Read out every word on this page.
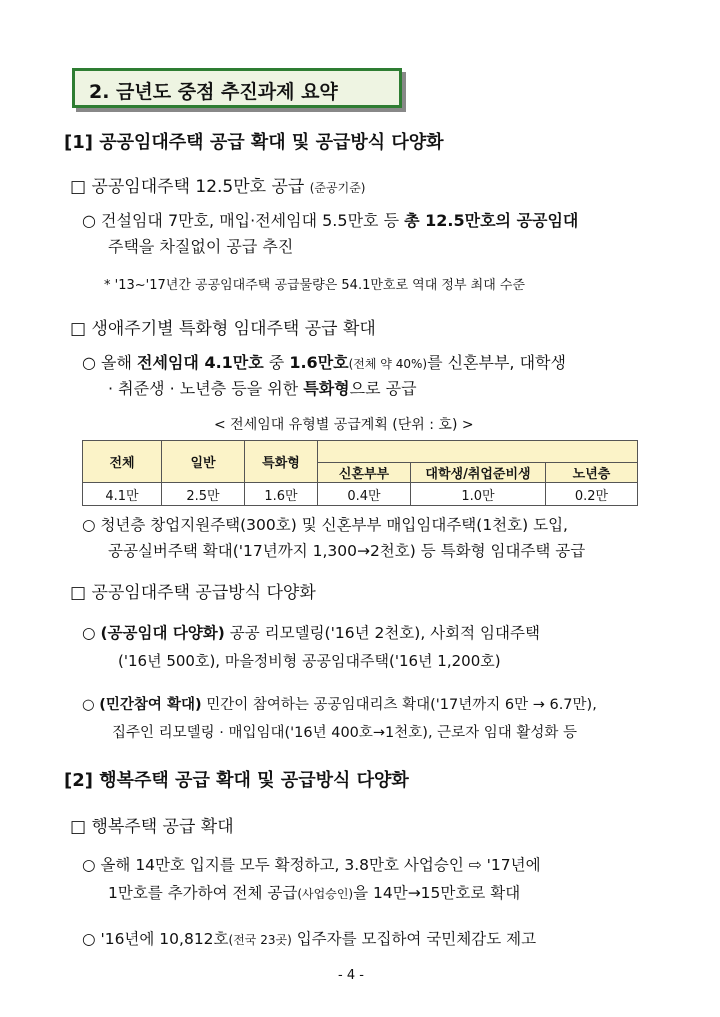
2. 금년도 중점 추진과제 요약
[1] 공공임대주택 공급 확대 및 공급방식 다양화
□ 공공임대주택 12.5만호 공급 (준공기준)
○ 건설임대 7만호, 매입·전세임대 5.5만호 등 총 12.5만호의 공공임대
주택을 차질없이 공급 추진
* '13~'17년간 공공임대주택 공급물량은 54.1만호로 역대 정부 최대 수준
□ 생애주기별 특화형 임대주택 공급 확대
○ 올해 전세임대 4.1만호 중 1.6만호(전체 약 40%)를 신혼부부, 대학생
· 취준생 · 노년층 등을 위한 특화형으로 공급
< 전세임대 유형별 공급계획 (단위 : 호) >
전체	일반	특화형			
			신혼부부	대학생/취업준비생	노년층
4.1만	2.5만	1.6만	0.4만	1.0만	0.2만
○ 청년층 창업지원주택(300호) 및 신혼부부 매입임대주택(1천호) 도입,
공공실버주택 확대('17년까지 1,300→2천호) 등 특화형 임대주택 공급
□ 공공임대주택 공급방식 다양화
○ (공공임대 다양화) 공공 리모델링('16년 2천호), 사회적 임대주택
('16년 500호), 마을정비형 공공임대주택('16년 1,200호)
○ (민간참여 확대) 민간이 참여하는 공공임대리츠 확대('17년까지 6만 → 6.7만),
집주인 리모델링 · 매입임대('16년 400호→1천호), 근로자 임대 활성화 등
[2] 행복주택 공급 확대 및 공급방식 다양화
□ 행복주택 공급 확대
○ 올해 14만호 입지를 모두 확정하고, 3.8만호 사업승인 ⇨ '17년에
1만호를 추가하여 전체 공급(사업승인)을 14만→15만호로 확대
○ '16년에 10,812호(전국 23곳) 입주자를 모집하여 국민체감도 제고
- 4 -
